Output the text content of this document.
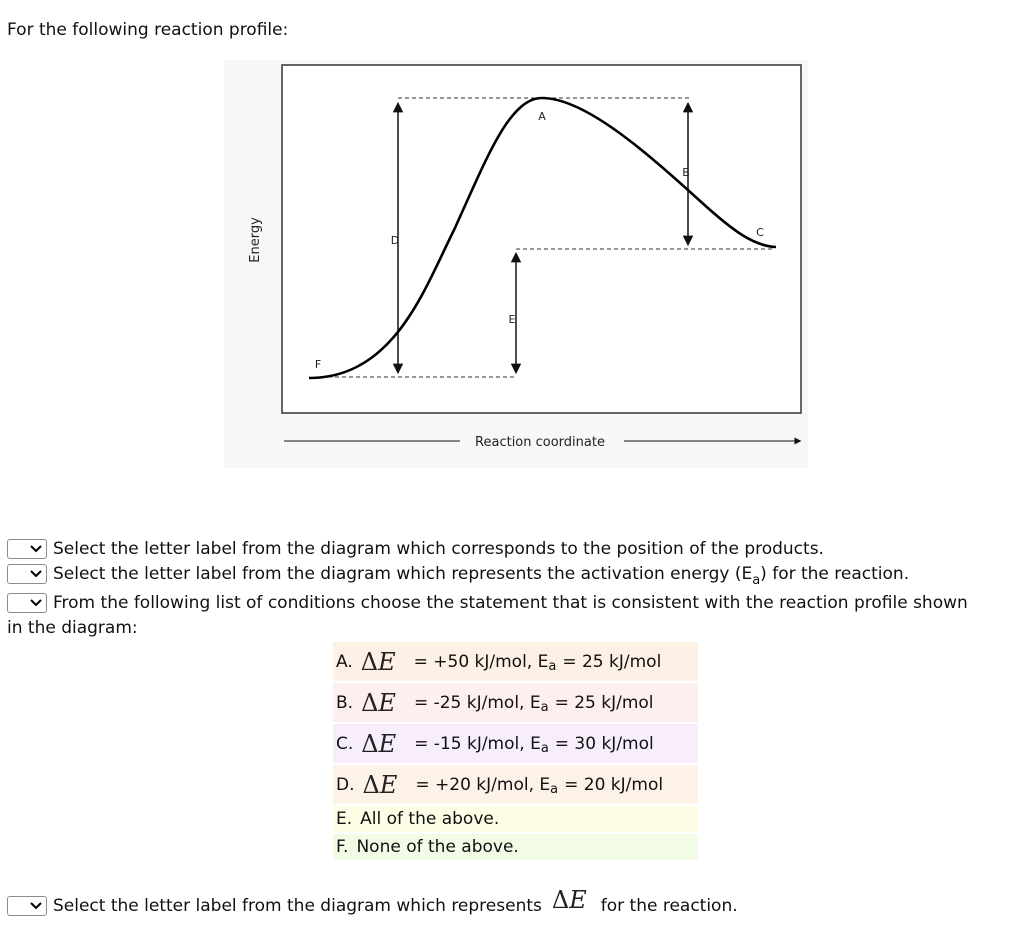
For the following reaction profile:
A
B
C
D
E
F
Energy
Reaction coordinate
Select the letter label from the diagram which corresponds to the position of the products.
Select the letter label from the diagram which represents the activation energy $(E_a)$ for the reaction.
From the following list of conditions choose the statement that is consistent with the reaction profile shown
in the diagram:
A. ΔE = +50 kJ/mol, E a = 25 kJ/mol
B. ΔE = -25 kJ/mol, E a = 25 kJ/mol
C. ΔE = -15 kJ/mol, E a = 30 kJ/mol
D. ΔE = +20 kJ/mol, E a = 20 kJ/mol
E. All of the above.
F. None of the above.
Select the letter label from the diagram which represents ΔE for the reaction.
